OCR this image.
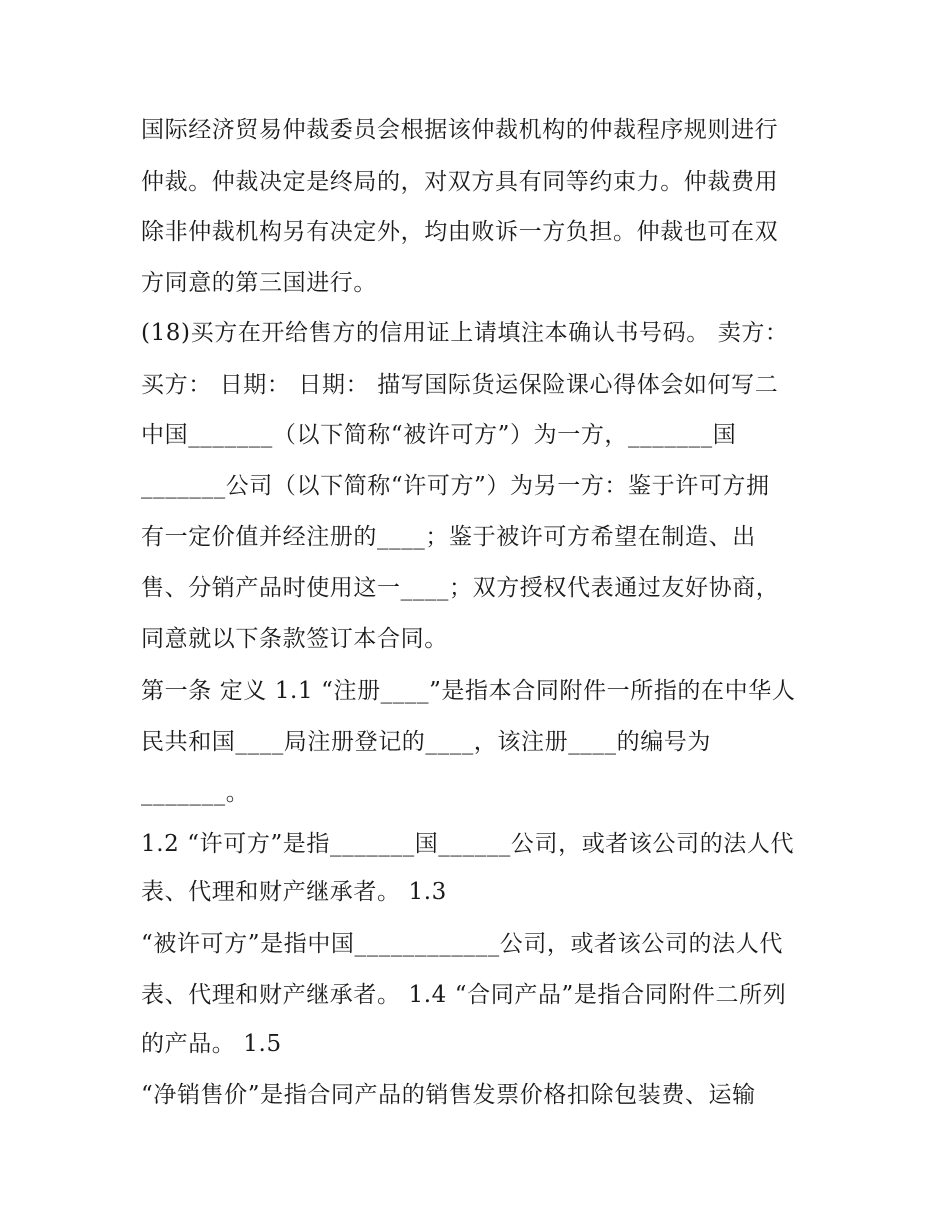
国际经济贸易仲裁委员会根据该仲裁机构的仲裁程序规则进行
仲裁。仲裁决定是终局的，对双方具有同等约束力。仲裁费用
除非仲裁机构另有决定外，均由败诉一方负担。仲裁也可在双
方同意的第三国进行。
(18)买方在开给售方的信用证上请填注本确认书号码。 卖方：
买方： 日期： 日期： 描写国际货运保险课心得体会如何写二
中国_______（以下简称“被许可方”）为一方，_______国
_______公司（以下简称“许可方”）为另一方：鉴于许可方拥
有一定价值并经注册的____；鉴于被许可方希望在制造、出
售、分销产品时使用这一____；双方授权代表通过友好协商，
同意就以下条款签订本合同。
第一条 定义 1.1 “注册____”是指本合同附件一所指的在中华人
民共和国____局注册登记的____，该注册____的编号为
_______。
1.2 “许可方”是指_______国______公司，或者该公司的法人代
表、代理和财产继承者。 1.3
“被许可方”是指中国____________公司，或者该公司的法人代
表、代理和财产继承者。 1.4 “合同产品”是指合同附件二所列
的产品。 1.5
“净销售价”是指合同产品的销售发票价格扣除包装费、运输
